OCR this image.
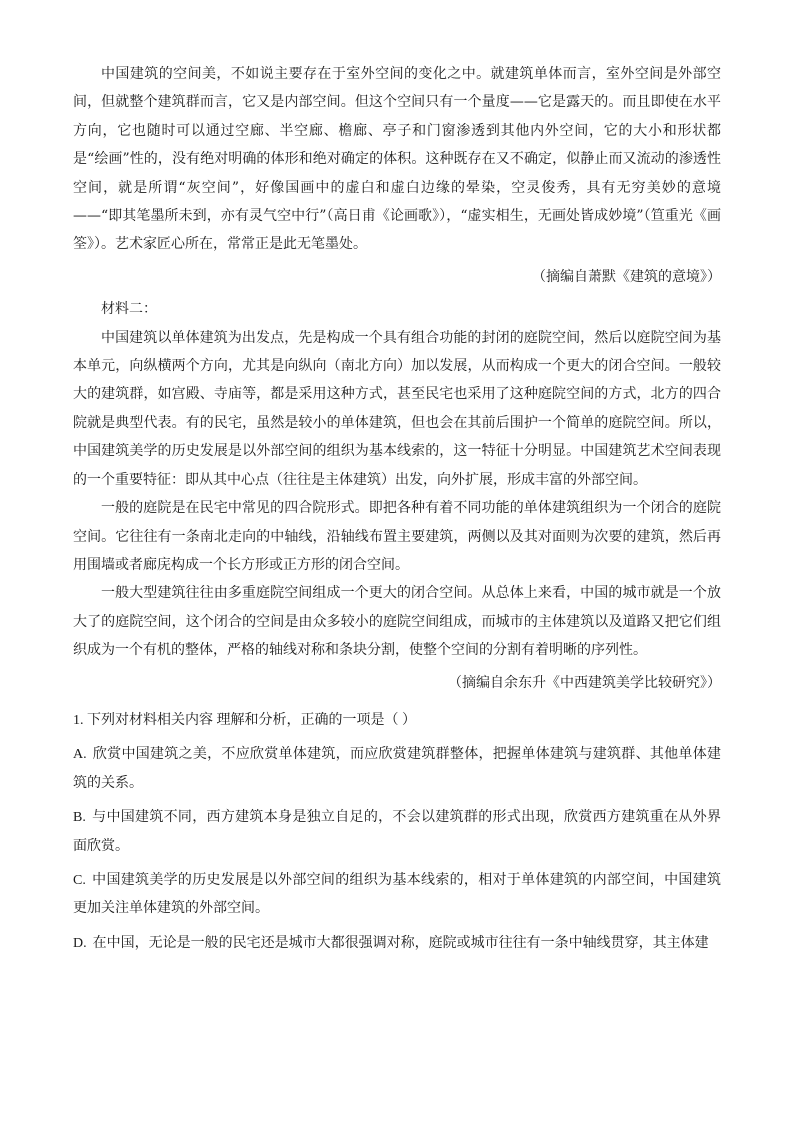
中国建筑的空间美，不如说主要存在于室外空间的变化之中。就建筑单体而言，室外空间是外部空间，但就整个建筑群而言，它又是内部空间。但这个空间只有一个量度——它是露天的。而且即使在水平方向，它也随时可以通过空廊、半空廊、檐廊、亭子和门窗渗透到其他内外空间，它的大小和形状都是“绘画”性的，没有绝对明确的体形和绝对确定的体积。这种既存在又不确定，似静止而又流动的渗透性空间，就是所谓“灰空间”，好像国画中的虚白和虚白边缘的晕染，空灵俊秀，具有无穷美妙的意境——“即其笔墨所未到，亦有灵气空中行”（高日甫《论画歌》），“虚实相生，无画处皆成妙境”（笪重光《画筌》）。艺术家匠心所在，常常正是此无笔墨处。

（摘编自萧默《建筑的意境》）

材料二：

中国建筑以单体建筑为出发点，先是构成一个具有组合功能的封闭的庭院空间，然后以庭院空间为基本单元，向纵横两个方向，尤其是向纵向（南北方向）加以发展，从而构成一个更大的闭合空间。一般较大的建筑群，如宫殿、寺庙等，都是采用这种方式，甚至民宅也采用了这种庭院空间的方式，北方的四合院就是典型代表。有的民宅，虽然是较小的单体建筑，但也会在其前后围护一个简单的庭院空间。所以，中国建筑美学的历史发展是以外部空间的组织为基本线索的，这一特征十分明显。中国建筑艺术空间表现的一个重要特征：即从其中心点（往往是主体建筑）出发，向外扩展，形成丰富的外部空间。

一般的庭院是在民宅中常见的四合院形式。即把各种有着不同功能的单体建筑组织为一个闭合的庭院空间。它往往有一条南北走向的中轴线，沿轴线布置主要建筑，两侧以及其对面则为次要的建筑，然后再用围墙或者廊庑构成一个长方形或正方形的闭合空间。

一般大型建筑往往由多重庭院空间组成一个更大的闭合空间。从总体上来看，中国的城市就是一个放大了的庭院空间，这个闭合的空间是由众多较小的庭院空间组成，而城市的主体建筑以及道路又把它们组织成为一个有机的整体，严格的轴线对称和条块分割，使整个空间的分割有着明晰的序列性。

（摘编自余东升《中西建筑美学比较研究》）

1. 下列对材料相关内容 理解和分析，正确的一项是（ ）

A. 欣赏中国建筑之美，不应欣赏单体建筑，而应欣赏建筑群整体，把握单体建筑与建筑群、其他单体建筑的关系。

B. 与中国建筑不同，西方建筑本身是独立自足的，不会以建筑群的形式出现，欣赏西方建筑重在从外界面欣赏。

C. 中国建筑美学的历史发展是以外部空间的组织为基本线索的，相对于单体建筑的内部空间，中国建筑更加关注单体建筑的外部空间。

D. 在中国，无论是一般的民宅还是城市大都很强调对称，庭院或城市往往有一条中轴线贯穿，其主体建
